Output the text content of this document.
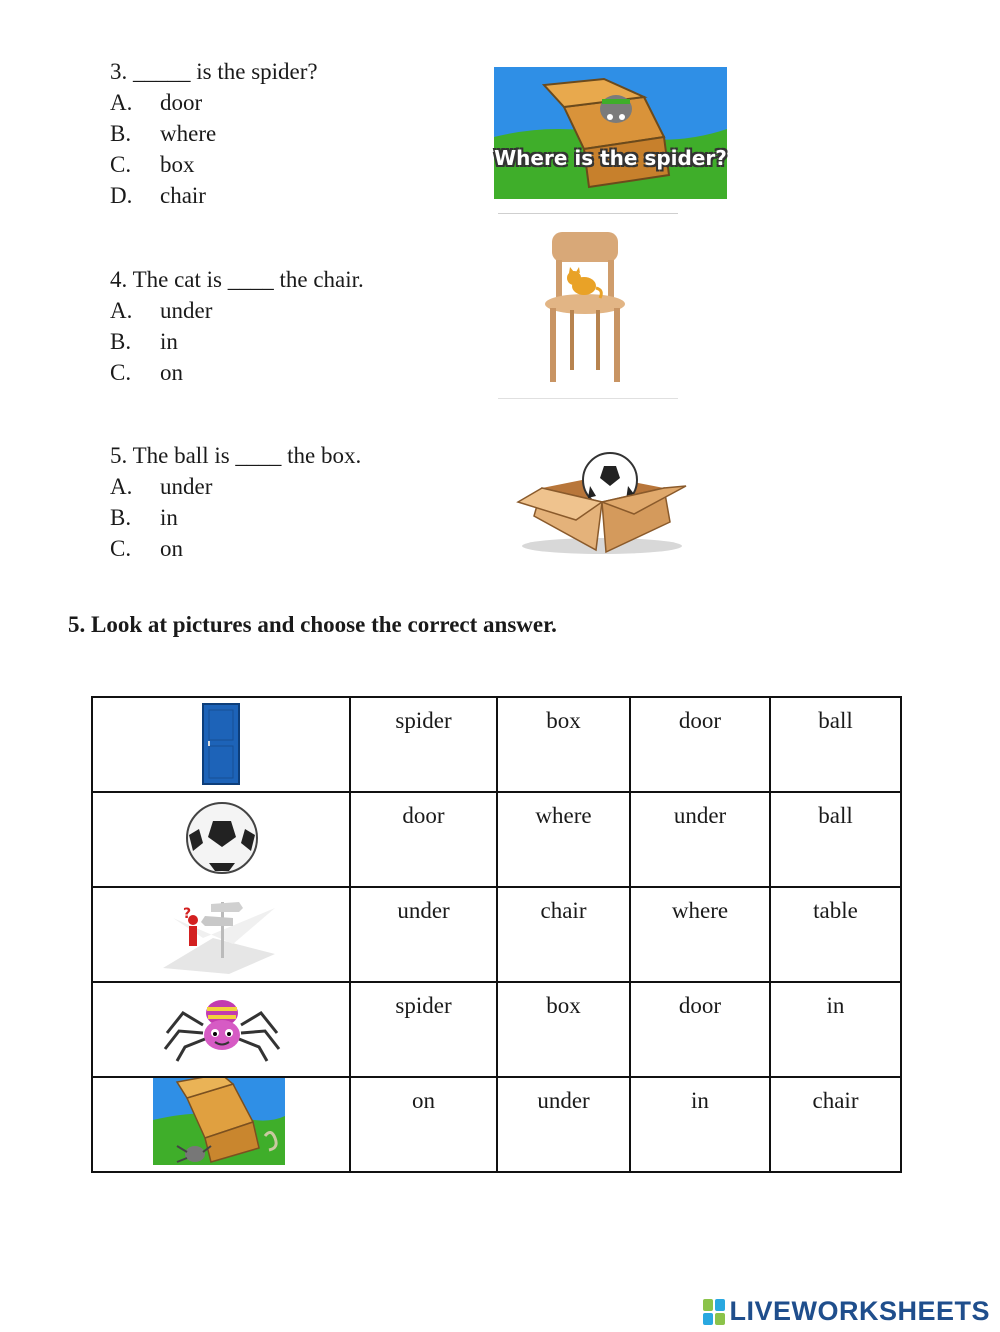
3. _____ is the spider?
A.	door
B.	where
C.	box
D.	chair
Where is the spider?
4. The cat is ____ the chair.
A.	under
B.	in
C.	on
5. The ball is ____ the box.
A.	under
B.	in
C.	on
5. Look at pictures and choose the correct answer.
	spider	box	door	ball
	door	where	under	ball

?	under	chair	where	table
	spider	box	door	in
	on	under	in	chair
LIVEWORKSHEETS
